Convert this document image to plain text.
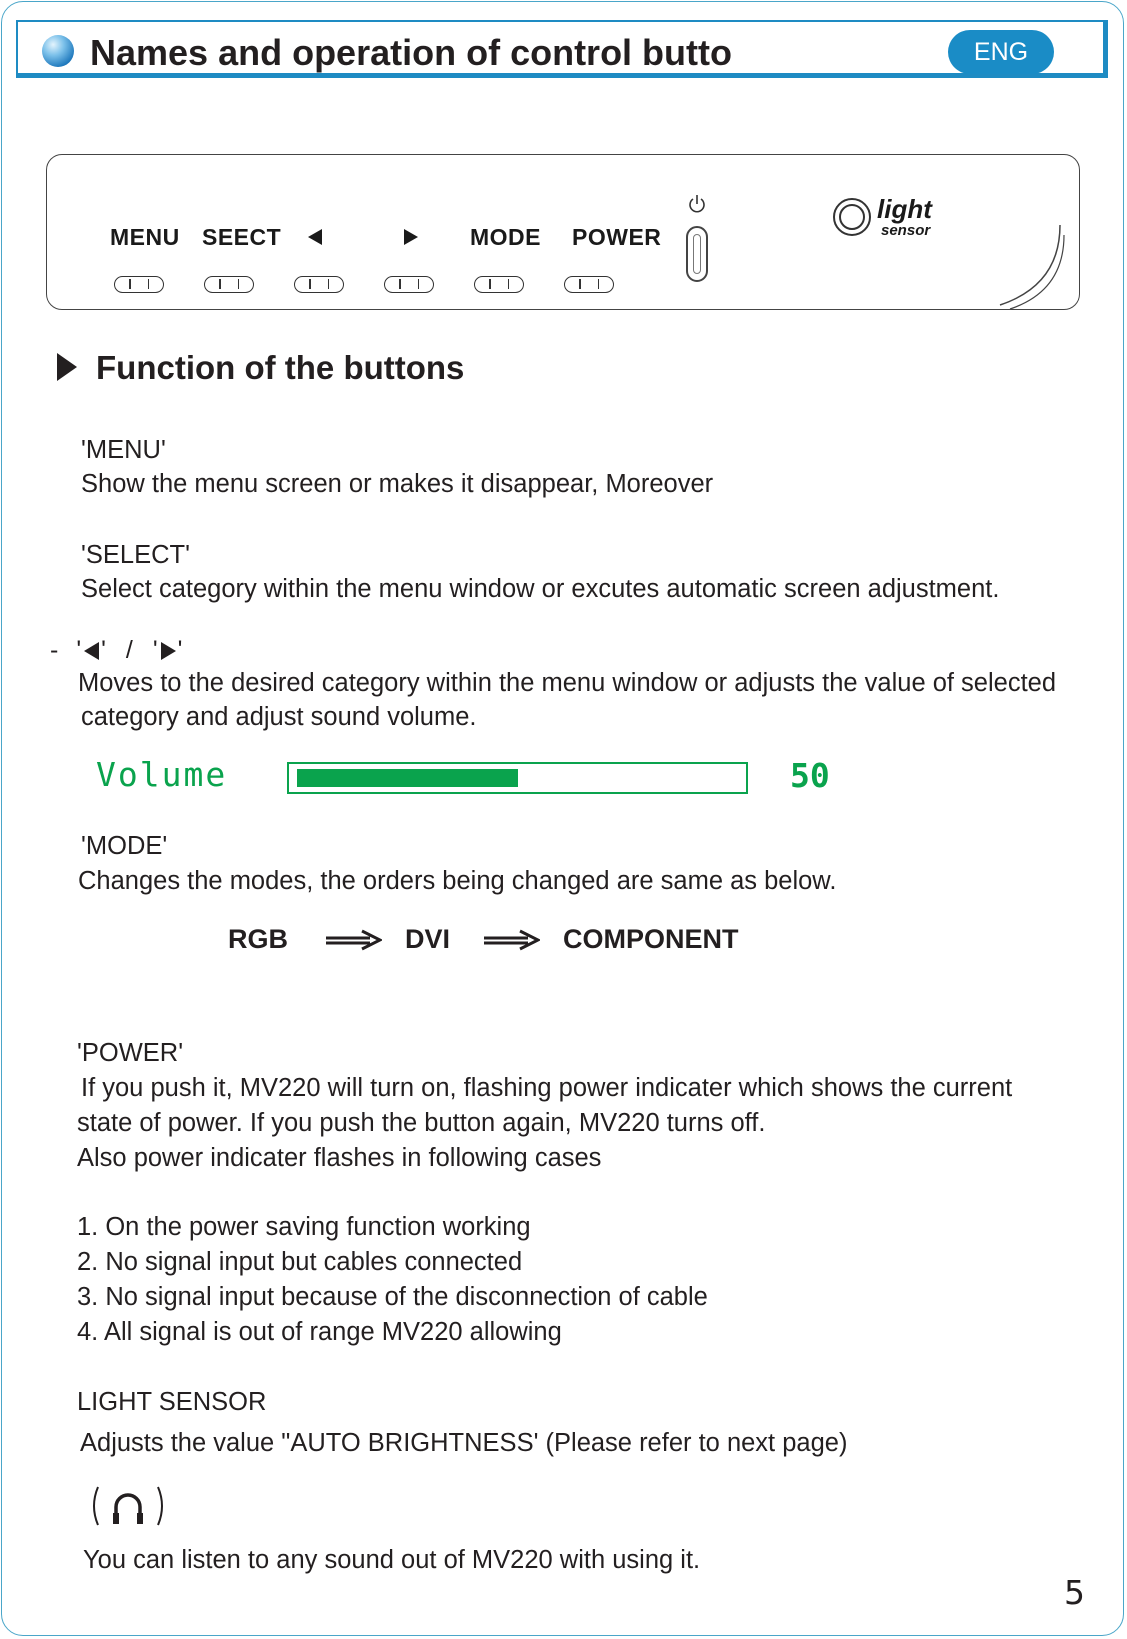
Names and operation of control butto	ENG
MENU SEECT	MODE POWER
light
sensor
Function of the buttons
'MENU'
Show the menu screen or makes it disappear, Moreover
'SELECT'
Select category within the menu window or excutes automatic screen adjustment.
- ' ' / ' '
Moves to the desired category within the menu window or adjusts the value of selected
category and adjust sound volume.
Volume	50
'MODE'
Changes the modes, the orders being changed are same as below.
RGB	DVI	COMPONENT
'POWER'
If you push it, MV220 will turn on, flashing power indicater which shows the current
state of power. If you push the button again, MV220 turns off.
Also power indicater flashes in following cases
1. On the power saving function working
2. No signal input but cables connected
3. No signal input because of the disconnection of cable
4. All signal is out of range MV220 allowing
LIGHT SENSOR
Adjusts the value "AUTO BRIGHTNESS' (Please refer to next page)
You can listen to any sound out of MV220 with using it.
5
